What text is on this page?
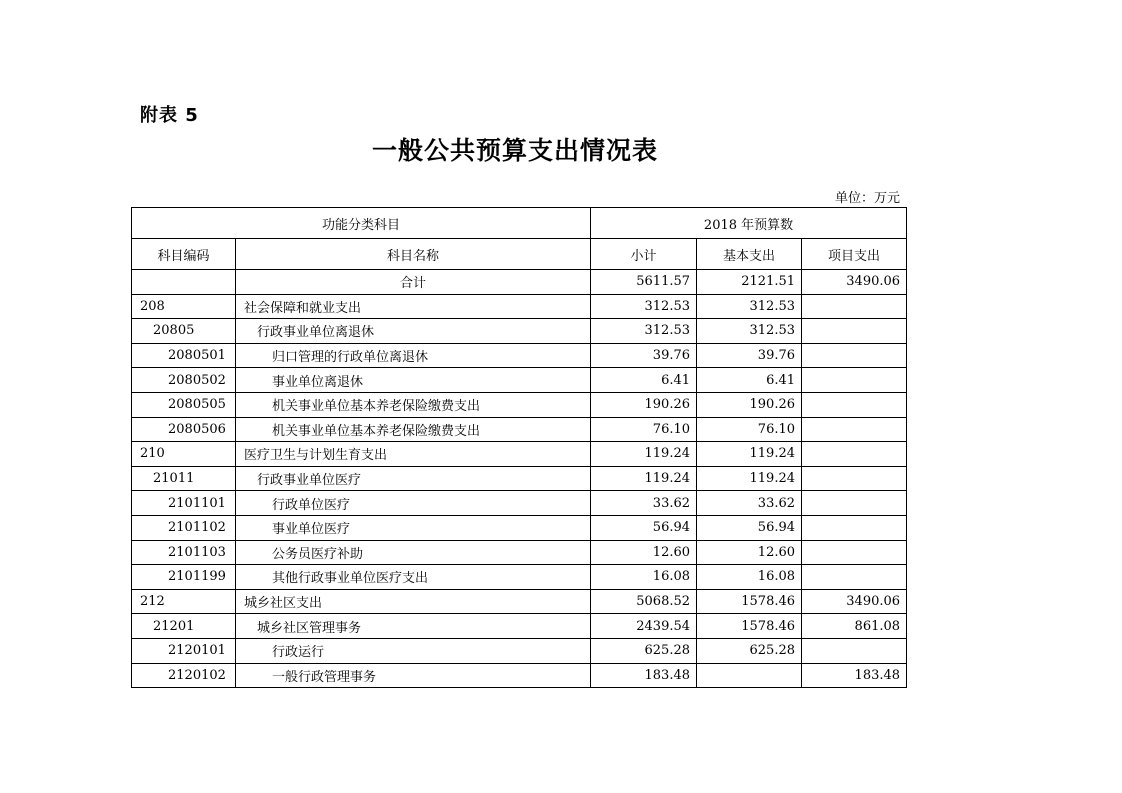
附表 5
一般公共预算支出情况表
单位：万元
功能分类科目		2018 年预算数		
科目编码	科目名称	小计	基本支出	项目支出
	合计	5611.57	2121.51	3490.06
208	社会保障和就业支出	312.53	312.53	
20805	行政事业单位离退休	312.53	312.53	
2080501	归口管理的行政单位离退休	39.76	39.76	
2080502	事业单位离退休	6.41	6.41	
2080505	机关事业单位基本养老保险缴费支出	190.26	190.26	
2080506	机关事业单位基本养老保险缴费支出	76.10	76.10	
210	医疗卫生与计划生育支出	119.24	119.24	
21011	行政事业单位医疗	119.24	119.24	
2101101	行政单位医疗	33.62	33.62	
2101102	事业单位医疗	56.94	56.94	
2101103	公务员医疗补助	12.60	12.60	
2101199	其他行政事业单位医疗支出	16.08	16.08	
212	城乡社区支出	5068.52	1578.46	3490.06
21201	城乡社区管理事务	2439.54	1578.46	861.08
2120101	行政运行	625.28	625.28	
2120102	一般行政管理事务	183.48		183.48
